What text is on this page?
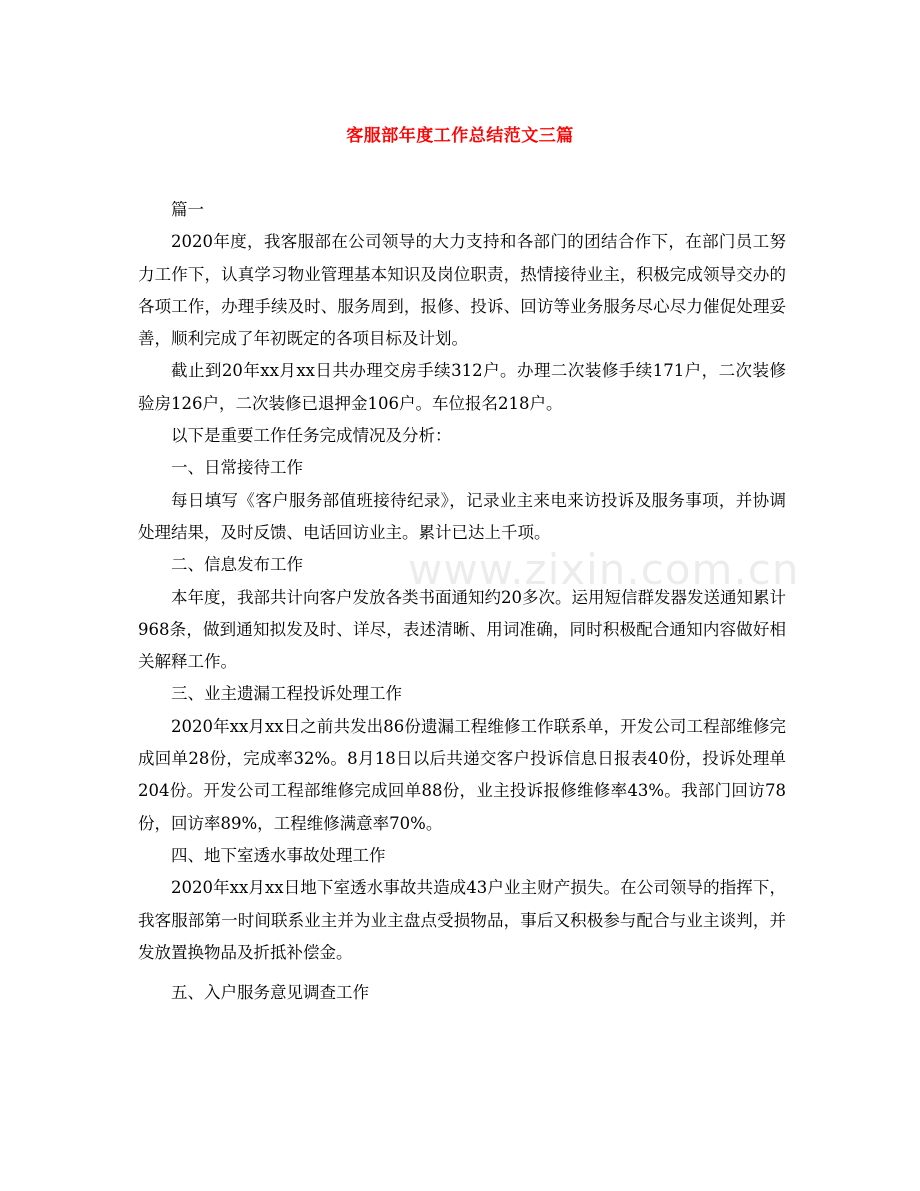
客服部年度工作总结范文三篇

篇一

2020年度，我客服部在公司领导的大力支持和各部门的团结合作下，在部门员工努力工作下，认真学习物业管理基本知识及岗位职责，热情接待业主，积极完成领导交办的各项工作，办理手续及时、服务周到，报修、投诉、回访等业务服务尽心尽力催促处理妥善，顺利完成了年初既定的各项目标及计划。

截止到20年xx月xx日共办理交房手续312户。办理二次装修手续171户，二次装修验房126户，二次装修已退押金106户。车位报名218户。

以下是重要工作任务完成情况及分析：

一、日常接待工作

每日填写《客户服务部值班接待纪录》，记录业主来电来访投诉及服务事项，并协调处理结果，及时反馈、电话回访业主。累计已达上千项。

二、信息发布工作

本年度，我部共计向客户发放各类书面通知约20多次。运用短信群发器发送通知累计968条，做到通知拟发及时、详尽，表述清晰、用词准确，同时积极配合通知内容做好相关解释工作。

三、业主遗漏工程投诉处理工作

2020年xx月xx日之前共发出86份遗漏工程维修工作联系单，开发公司工程部维修完成回单28份，完成率32%。8月18日以后共递交客户投诉信息日报表40份，投诉处理单204份。开发公司工程部维修完成回单88份，业主投诉报修维修率43%。我部门回访78份，回访率89%，工程维修满意率70%。

四、地下室透水事故处理工作

2020年xx月xx日地下室透水事故共造成43户业主财产损失。在公司领导的指挥下，我客服部第一时间联系业主并为业主盘点受损物品，事后又积极参与配合与业主谈判，并发放置换物品及折抵补偿金。

五、入户服务意见调查工作

www.zixin.com.cn
